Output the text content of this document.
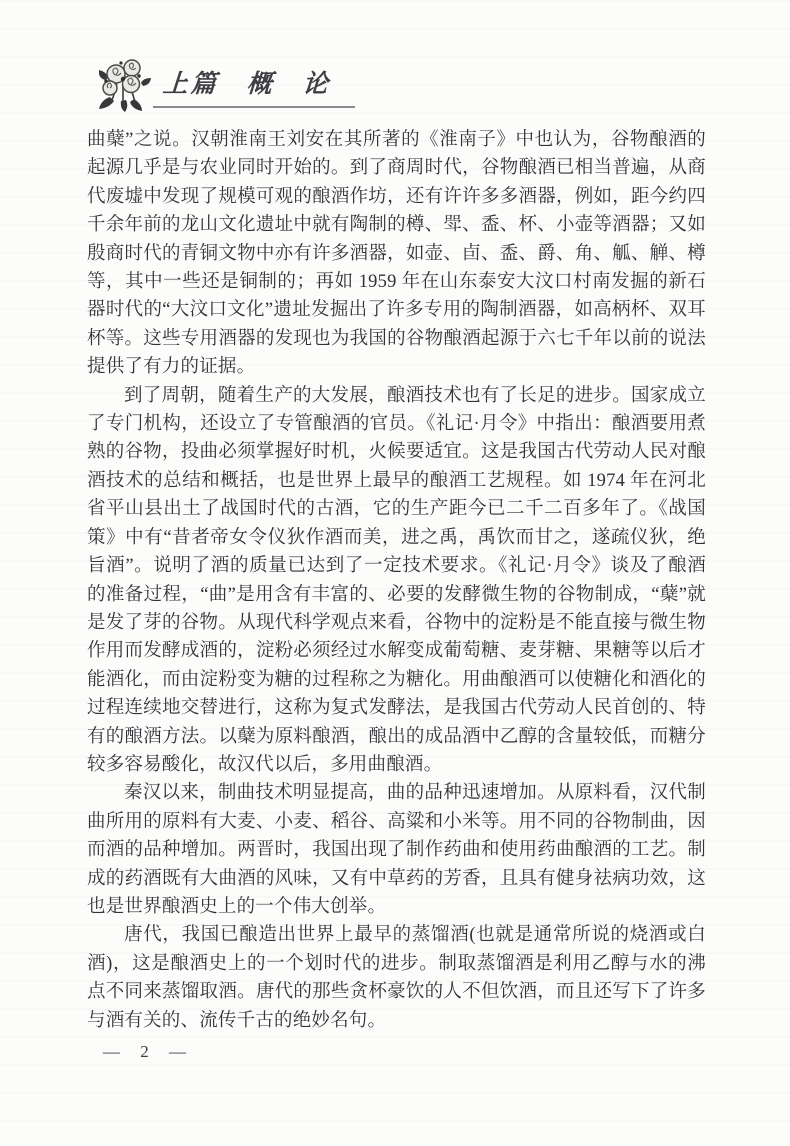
上篇　概　论

曲蘖”之说。汉朝淮南王刘安在其所著的《淮南子》中也认为，谷物酿酒的起源几乎是与农业同时开始的。到了商周时代，谷物酿酒已相当普遍，从商代废墟中发现了规模可观的酿酒作坊，还有许许多多酒器，例如，距今约四千余年前的龙山文化遗址中就有陶制的樽、斝、盉、杯、小壶等酒器；又如殷商时代的青铜文物中亦有许多酒器，如壶、卣、盉、爵、角、觚、觯、樽等，其中一些还是铜制的；再如 1959 年在山东泰安大汶口村南发掘的新石器时代的“大汶口文化”遗址发掘出了许多专用的陶制酒器，如高柄杯、双耳杯等。这些专用酒器的发现也为我国的谷物酿酒起源于六七千年以前的说法提供了有力的证据。

到了周朝，随着生产的大发展，酿酒技术也有了长足的进步。国家成立了专门机构，还设立了专管酿酒的官员。《礼记·月令》中指出：酿酒要用煮熟的谷物，投曲必须掌握好时机，火候要适宜。这是我国古代劳动人民对酿酒技术的总结和概括，也是世界上最早的酿酒工艺规程。如 1974 年在河北省平山县出土了战国时代的古酒，它的生产距今已二千二百多年了。《战国策》中有“昔者帝女令仪狄作酒而美，进之禹，禹饮而甘之，遂疏仪狄，绝旨酒”。说明了酒的质量已达到了一定技术要求。《礼记·月令》谈及了酿酒的准备过程，“曲”是用含有丰富的、必要的发酵微生物的谷物制成，“蘖”就是发了芽的谷物。从现代科学观点来看，谷物中的淀粉是不能直接与微生物作用而发酵成酒的，淀粉必须经过水解变成葡萄糖、麦芽糖、果糖等以后才能酒化，而由淀粉变为糖的过程称之为糖化。用曲酿酒可以使糖化和酒化的过程连续地交替进行，这称为复式发酵法，是我国古代劳动人民首创的、特有的酿酒方法。以蘖为原料酿酒，酿出的成品酒中乙醇的含量较低，而糖分较多容易酸化，故汉代以后，多用曲酿酒。

秦汉以来，制曲技术明显提高，曲的品种迅速增加。从原料看，汉代制曲所用的原料有大麦、小麦、稻谷、高粱和小米等。用不同的谷物制曲，因而酒的品种增加。两晋时，我国出现了制作药曲和使用药曲酿酒的工艺。制成的药酒既有大曲酒的风味，又有中草药的芳香，且具有健身祛病功效，这也是世界酿酒史上的一个伟大创举。

唐代，我国已酿造出世界上最早的蒸馏酒(也就是通常所说的烧酒或白酒)，这是酿酒史上的一个划时代的进步。制取蒸馏酒是利用乙醇与水的沸点不同来蒸馏取酒。唐代的那些贪杯豪饮的人不但饮酒，而且还写下了许多与酒有关的、流传千古的绝妙名句。

— 2 —
